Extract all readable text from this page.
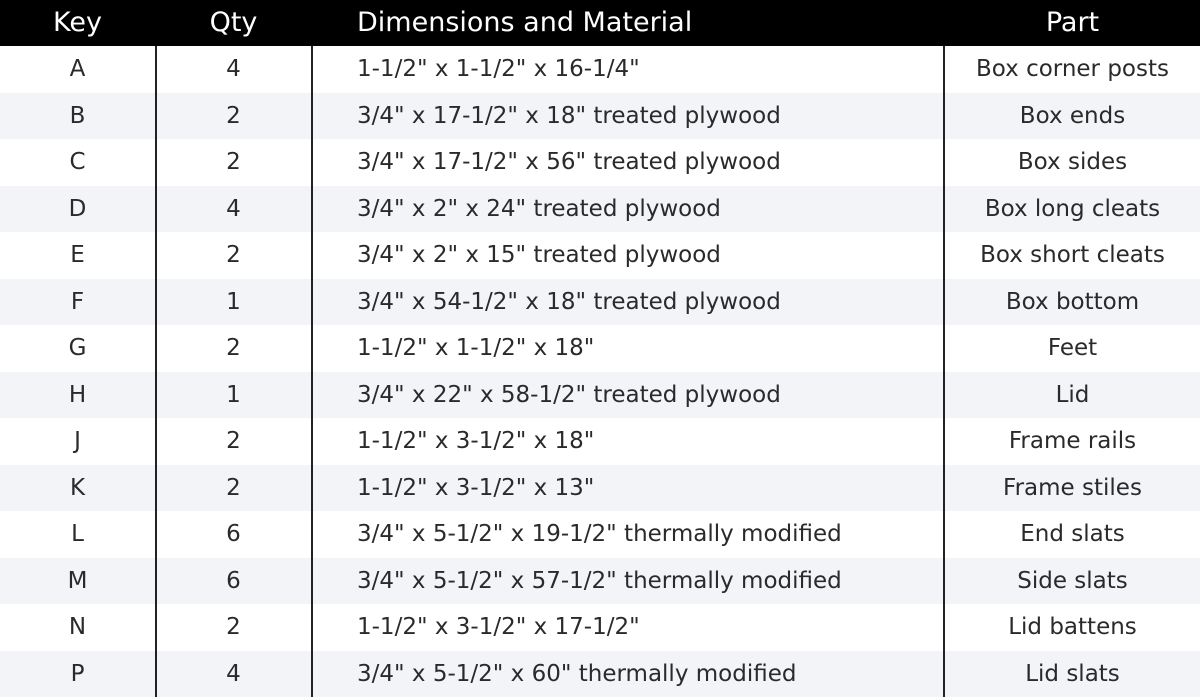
Key	Qty	Dimensions and Material	Part
A	4	1-1/2" x 1-1/2" x 16-1/4"	Box corner posts
B	2	3/4" x 17-1/2" x 18" treated plywood	Box ends
C	2	3/4" x 17-1/2" x 56" treated plywood	Box sides
D	4	3/4" x 2" x 24" treated plywood	Box long cleats
E	2	3/4" x 2" x 15" treated plywood	Box short cleats
F	1	3/4" x 54-1/2" x 18" treated plywood	Box bottom
G	2	1-1/2" x 1-1/2" x 18"	Feet
H	1	3/4" x 22" x 58-1/2" treated plywood	Lid
J	2	1-1/2" x 3-1/2" x 18"	Frame rails
K	2	1-1/2" x 3-1/2" x 13"	Frame stiles
L	6	3/4" x 5-1/2" x 19-1/2" thermally modified	End slats
M	6	3/4" x 5-1/2" x 57-1/2" thermally modified	Side slats
N	2	1-1/2" x 3-1/2" x 17-1/2"	Lid battens
P	4	3/4" x 5-1/2" x 60" thermally modified	Lid slats
